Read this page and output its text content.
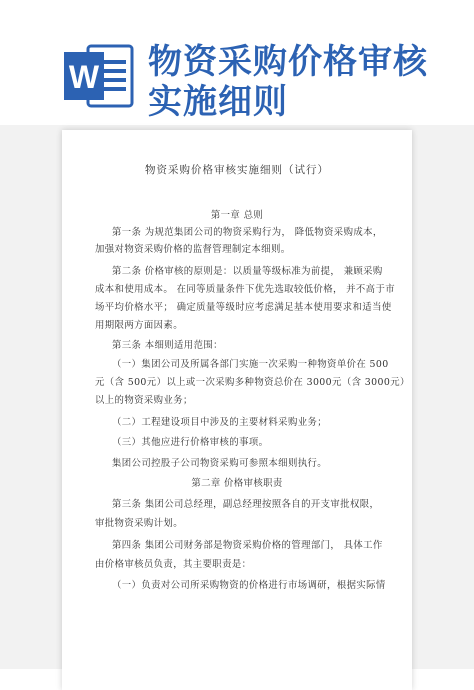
W 物资采购价格审核
实施细则
物资采购价格审核实施细则（试行）
第一章 总则
第一条 为规范集团公司的物资采购行为， 降低物资采购成本，
加强对物资采购价格的监督管理制定本细则。
第二条 价格审核的原则是：以质量等级标准为前提， 兼顾采购
成本和使用成本。 在同等质量条件下优先选取较低价格， 并不高于市
场平均价格水平； 确定质量等级时应考虑满足基本使用要求和适当使
用期限两方面因素。
第三条 本细则适用范围：
（一）集团公司及所属各部门实施一次采购一种物资单价在 500
元（含 500元）以上或一次采购多种物资总价在 3000元（含 3000元）
以上的物资采购业务；
（二）工程建设项目中涉及的主要材料采购业务；
（三）其他应进行价格审核的事项。
集团公司控股子公司物资采购可参照本细则执行。
第二章 价格审核职责
第三条 集团公司总经理，副总经理按照各自的开支审批权限，
审批物资采购计划。
第四条 集团公司财务部是物资采购价格的管理部门， 具体工作
由价格审核员负责，其主要职责是：
（一）负责对公司所采购物资的价格进行市场调研，根据实际情
